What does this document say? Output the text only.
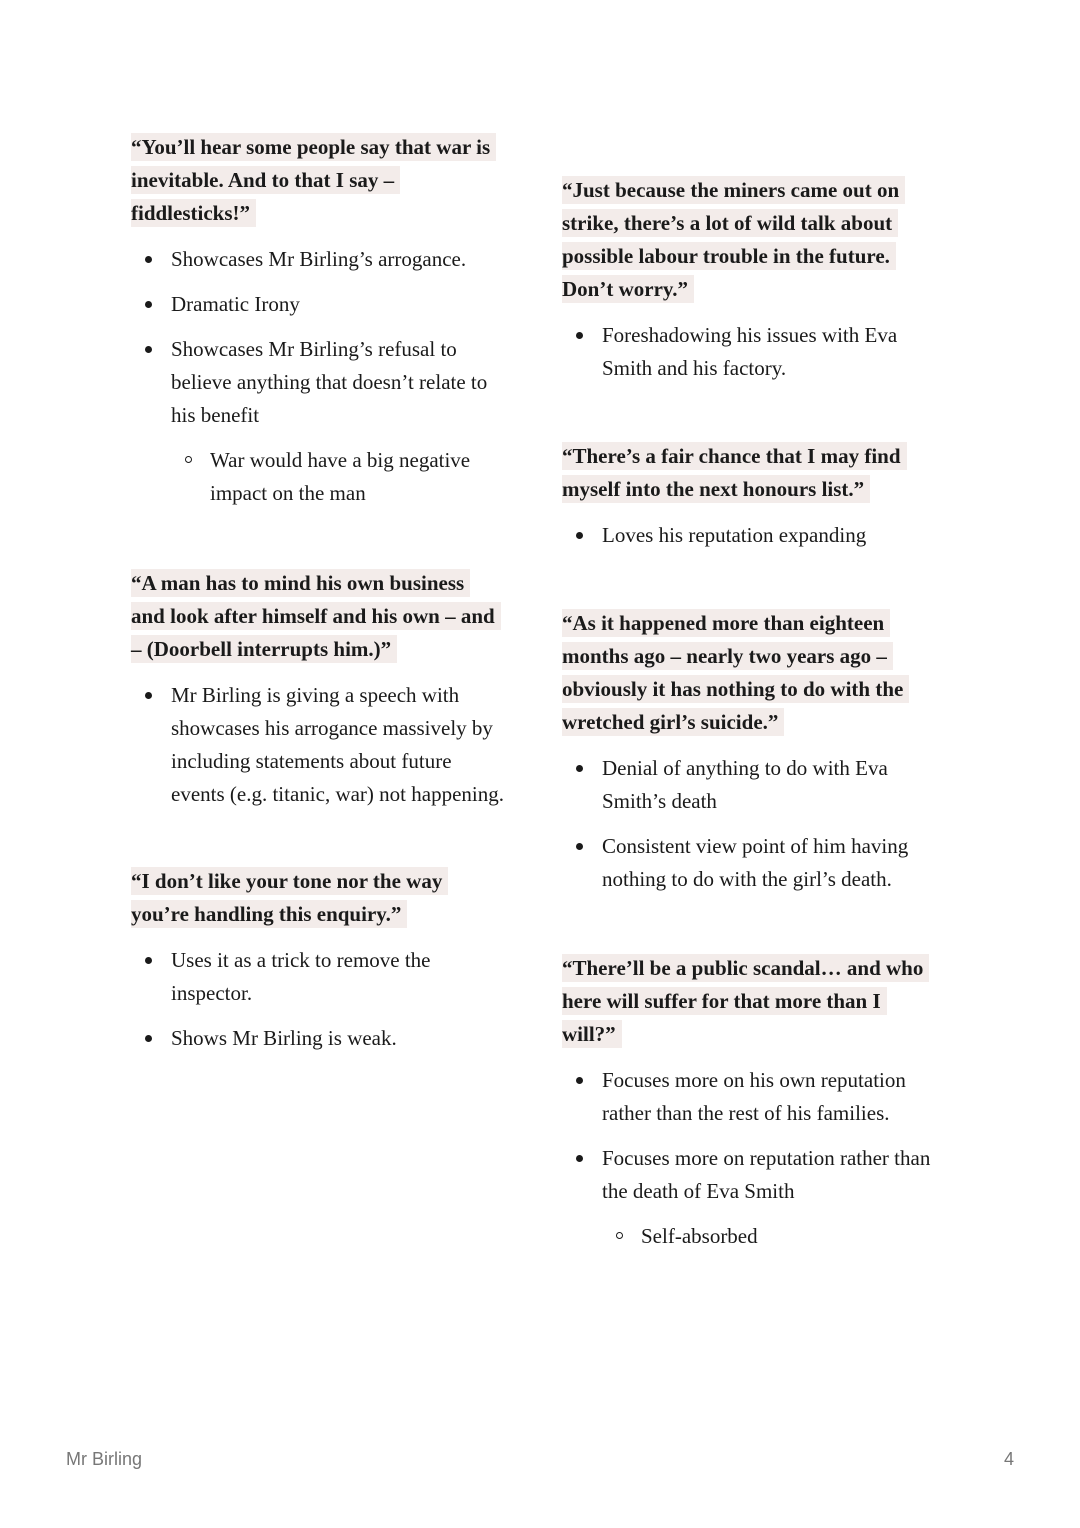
“You’ll hear some people say that war is
inevitable. And to that I say –
fiddlesticks!”
Showcases Mr Birling’s arrogance.
Dramatic Irony
Showcases Mr Birling’s refusal to
believe anything that doesn’t relate to
his benefit
War would have a big negative
impact on the man
“A man has to mind his own business
and look after himself and his own – and
– (Doorbell interrupts him.)”
Mr Birling is giving a speech with
showcases his arrogance massively by
including statements about future
events (e.g. titanic, war) not happening.
“I don’t like your tone nor the way
you’re handling this enquiry.”
Uses it as a trick to remove the
inspector.
Shows Mr Birling is weak.
“Just because the miners came out on
strike, there’s a lot of wild talk about
possible labour trouble in the future.
Don’t worry.”
Foreshadowing his issues with Eva
Smith and his factory.
“There’s a fair chance that I may find
myself into the next honours list.”
Loves his reputation expanding
“As it happened more than eighteen
months ago – nearly two years ago –
obviously it has nothing to do with the
wretched girl’s suicide.”
Denial of anything to do with Eva
Smith’s death
Consistent view point of him having
nothing to do with the girl’s death.
“There’ll be a public scandal… and who
here will suffer for that more than I
will?”
Focuses more on his own reputation
rather than the rest of his families.
Focuses more on reputation rather than
the death of Eva Smith
Self-absorbed
Mr Birling	4
